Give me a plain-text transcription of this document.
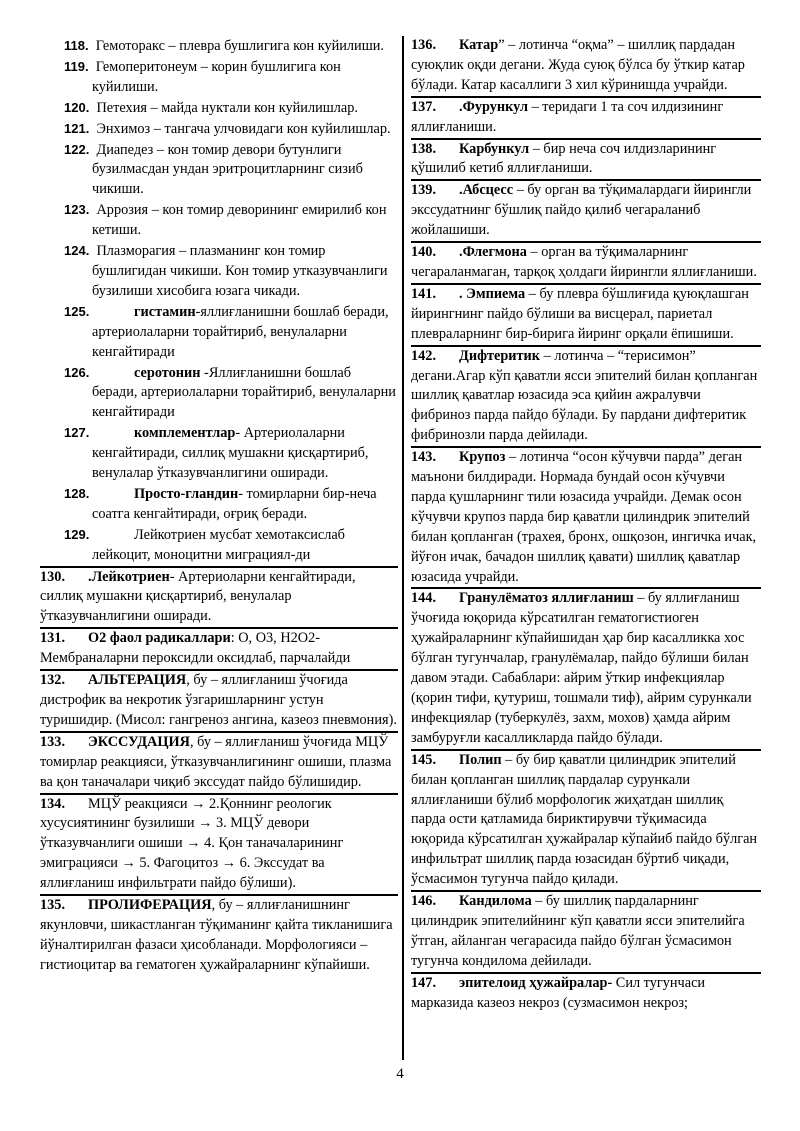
118. Гемоторакс – плевра бушлигига кон куйилиши.
119. Гемоперитонеум – корин бушлигига кон куйилиши.
120. Петехия – майда нуктали кон куйилишлар.
121. Энхимоз – тангача улчовидаги кон куйилишлар.
122. Диапедез – кон томир девори бутунлиги бузилмасдан ундан эритроцитларнинг сизиб чикиши.
123. Аррозия – кон томир деворининг емирилиб кон кетиши.
124. Плазморагия – плазманинг кон томир бушлигидан чикиши. Кон томир утказувчанлиги бузилиши хисобига юзага чикади.
125.	гистамин-яллиғланишни бошлаб беради, артериолаларни торайтириб, венулаларни кенгайтиради
126.	серотонин -Яллиғланишни бошлаб беради, артериолаларни торайтириб, венулаларни кенгайтиради
127.	комплементлар- Артериолаларни кенгайтиради, силлиқ мушакни қисқартириб, венулалар ўтказувчанлигини оширади.
128.	Просто-гландин- томирларни бир-неча соатга кенгайтиради, оғриқ беради.
129.	Лейкотриен мусбат хемотаксислаб лейкоцит, моноцитни миграциял-ди
130. .Лейкотриен- Артериоларни кенгайтиради, силлиқ мушакни қисқартириб, венулалар ўтказувчанлигини оширади.
131. О2 фаол радикаллари: О, О3, Н2О2- Мембраналарни пероксидли оксидлаб, парчалайди
132. АЛЬТЕРАЦИЯ, бу – яллиғланиш ўчоғида дистрофик ва некротик ўзгаришларнинг устун туришидир. (Мисол: гангреноз ангина, казеоз пневмония).
133. ЭКССУДАЦИЯ, бу – яллиғланиш ўчоғида МЦЎ томирлар реакцияси, ўтказувчанлигининг ошиши, плазма ва қон таначалари чиқиб экссудат пайдо бўлишидир.
134. МЦЎ реакцияси → 2.Қоннинг реологик хусусиятининг бузилиши → 3. МЦЎ девори ўтказувчанлиги ошиши → 4. Қон таначаларининг эмиграцияси → 5. Фагоцитоз → 6. Экссудат ва яллиғланиш инфильтрати пайдо бўлиши).
135. ПРОЛИФЕРАЦИЯ, бу – яллиғланишнинг якунловчи, шикастланган тўқиманинг қайта тикланишига йўналтирилган фазаси ҳисобланади. Морфологияси – гистиоцитар ва гематоген ҳужайраларнинг кўпайиши.
136. Катар” – лотинча “оқма” – шиллиқ пардадан суюқлик оқди дегани. Жуда суюқ бўлса бу ўткир катар бўлади. Катар касаллиги 3 хил кўринишда учрайди.
137. .Фурункул – теридаги 1 та соч илдизининг яллиғланиши.
138. Карбункул – бир неча соч илдизларининг қўшилиб кетиб яллиғланиши.
139. .Абсцесс – бу орган ва тўқималардаги йирингли экссудатнинг бўшлиқ пайдо қилиб чегараланиб жойлашиши.
140. .Флегмона – орган ва тўқималарнинг чегараланмаган, тарқоқ ҳолдаги йирингли яллиғланиши.
141. . Эмпиема – бу плевра бўшлиғида қуюқлашган йирингнинг пайдо бўлиши ва висцерал, париетал плевраларнинг бир-бирига йиринг орқали ёпишиши.
142. Дифтеритик – лотинча – “терисимон” дегани.Агар кўп қаватли ясси эпителий билан қопланган шиллиқ қаватлар юзасида эса қийин ажралувчи фибриноз парда пайдо бўлади. Бу пардани дифтеритик фибринозли парда дейилади.
143. Крупоз – лотинча “осон кўчувчи парда” деган маънони билдиради. Нормада бундай осон кўчувчи парда қушларнинг тили юзасида учрайди. Демак осон кўчувчи крупоз парда бир қаватли цилиндрик эпителий билан қопланган (трахея, бронх, ошқозон, ингичка ичак, йўғон ичак, бачадон шиллиқ қавати) шиллиқ қаватлар юзасида учрайди.
144. Гранулёматоз яллиғланиш – бу яллиғланиш ўчоғида юқорида кўрсатилган гематогистиоген ҳужайраларнинг кўпайишидан ҳар бир касалликка хос бўлган тугунчалар, гранулёмалар, пайдо бўлиши билан давом этади. Сабаблари: айрим ўткир инфекциялар (қорин тифи, қутуриш, тошмали тиф), айрим сурункали инфекциялар (туберкулёз, захм, мохов) ҳамда айрим замбуруғли касалликларда пайдо бўлади.
145. Полип – бу бир қаватли цилиндрик эпителий билан қопланган шиллиқ пардалар сурункали яллиғланиши бўлиб морфологик жиҳатдан шиллиқ парда ости қатламида бириктирувчи тўқимасида юқорида кўрсатилган ҳужайралар кўпайиб пайдо бўлган инфильтрат шиллиқ парда юзасидан бўртиб чиқади, ўсмасимон тугунча пайдо қилади.
146. Кандилома – бу шиллиқ пардаларнинг цилиндрик эпителийнинг кўп қаватли ясси эпителийга ўтган, айланган чегарасида пайдо бўлган ўсмасимон тугунча кондилома дейилади.
147. эпителоид ҳужайралар- Сил тугунчаси марказида казеоз некроз (сузмасимон некроз;
4
